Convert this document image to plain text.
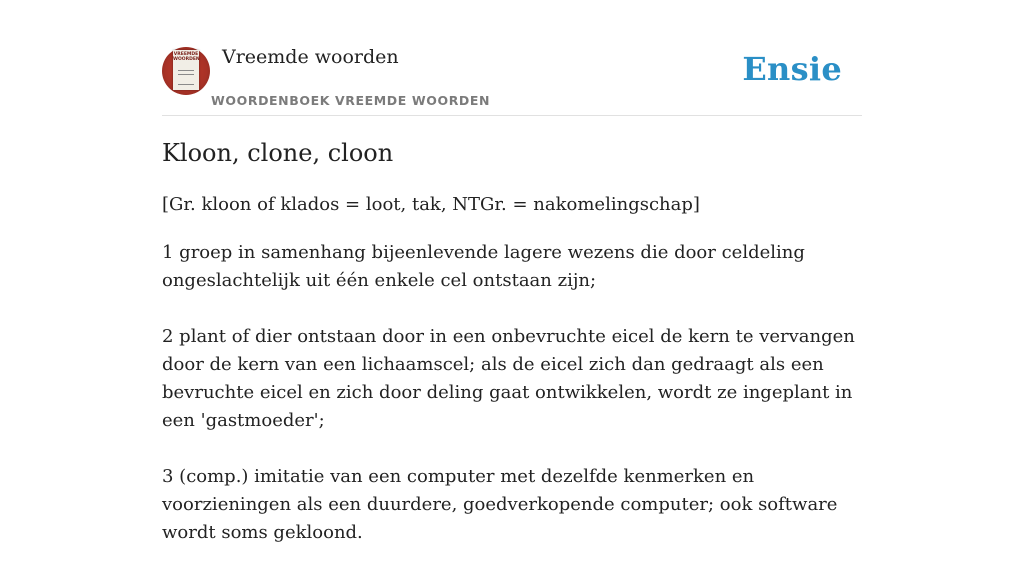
VREEMDE
WOORDEN Vreemde woorden
WOORDENBOEK VREEMDE WOORDEN
Ensie
Kloon, clone, cloon
[Gr. kloon of klados = loot, tak, NTGr. = nakomelingschap]

1 groep in samenhang bijeenlevende lagere wezens die door celdeling ongeslachtelijk uit één enkele cel ontstaan zijn;

2 plant of dier ontstaan door in een onbevruchte eicel de kern te vervangen door de kern van een lichaamscel; als de eicel zich dan gedraagt als een bevruchte eicel en zich door deling gaat ontwikkelen, wordt ze ingeplant in een 'gastmoeder';

3 (comp.) imitatie van een computer met dezelfde kenmerken en voorzieningen als een duurdere, goedverkopende computer; ook software wordt soms gekloond.
